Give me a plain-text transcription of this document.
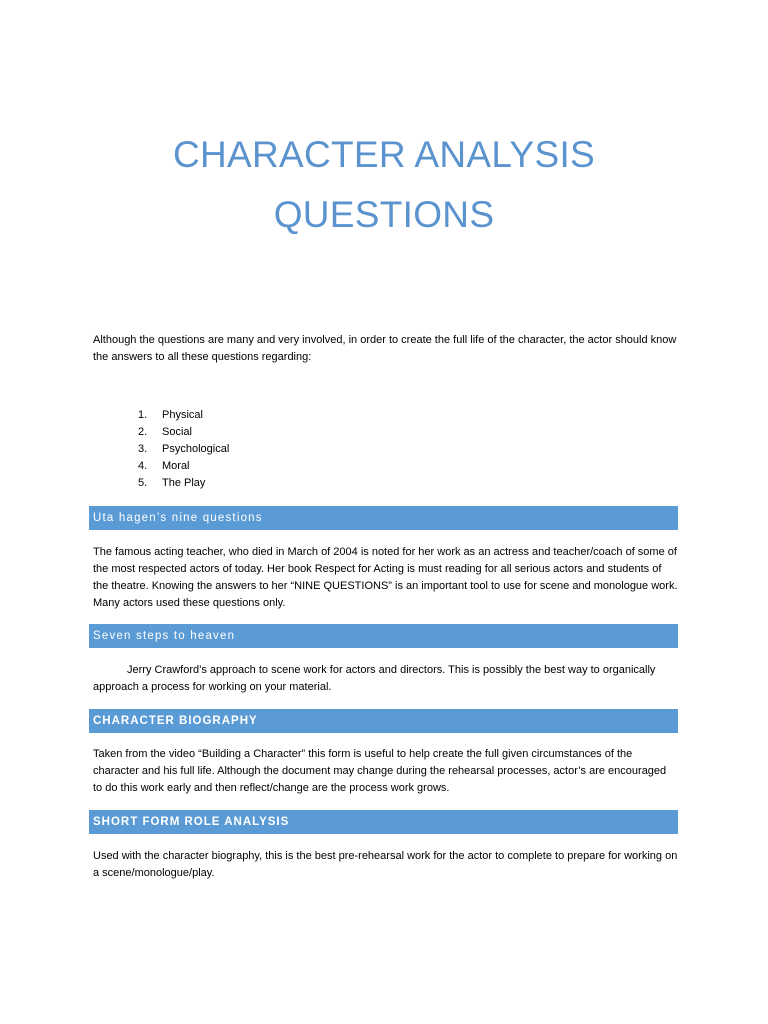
CHARACTER ANALYSIS
QUESTIONS

Although the questions are many and very involved, in order to create the full life of the character, the actor should know the answers to all these questions regarding:

1.	Physical
2.	Social
3.	Psychological
4.	Moral
5.	The Play
Uta hagen’s nine questions

The famous acting teacher, who died in March of 2004 is noted for her work as an actress and teacher/coach of some of the most respected actors of today. Her book Respect for Acting is must reading for all serious actors and students of the theatre. Knowing the answers to her “NINE QUESTIONS” is an important tool to use for scene and monologue work. Many actors used these questions only.

Seven steps to heaven

Jerry Crawford’s approach to scene work for actors and directors. This is possibly the best way to organically approach a process for working on your material.

CHARACTER BIOGRAPHY

Taken from the video “Building a Character” this form is useful to help create the full given circumstances of the character and his full life. Although the document may change during the rehearsal processes, actor’s are encouraged to do this work early and then reflect/change are the process work grows.

SHORT FORM ROLE ANALYSIS

Used with the character biography, this is the best pre-rehearsal work for the actor to complete to prepare for working on a scene/monologue/play.
